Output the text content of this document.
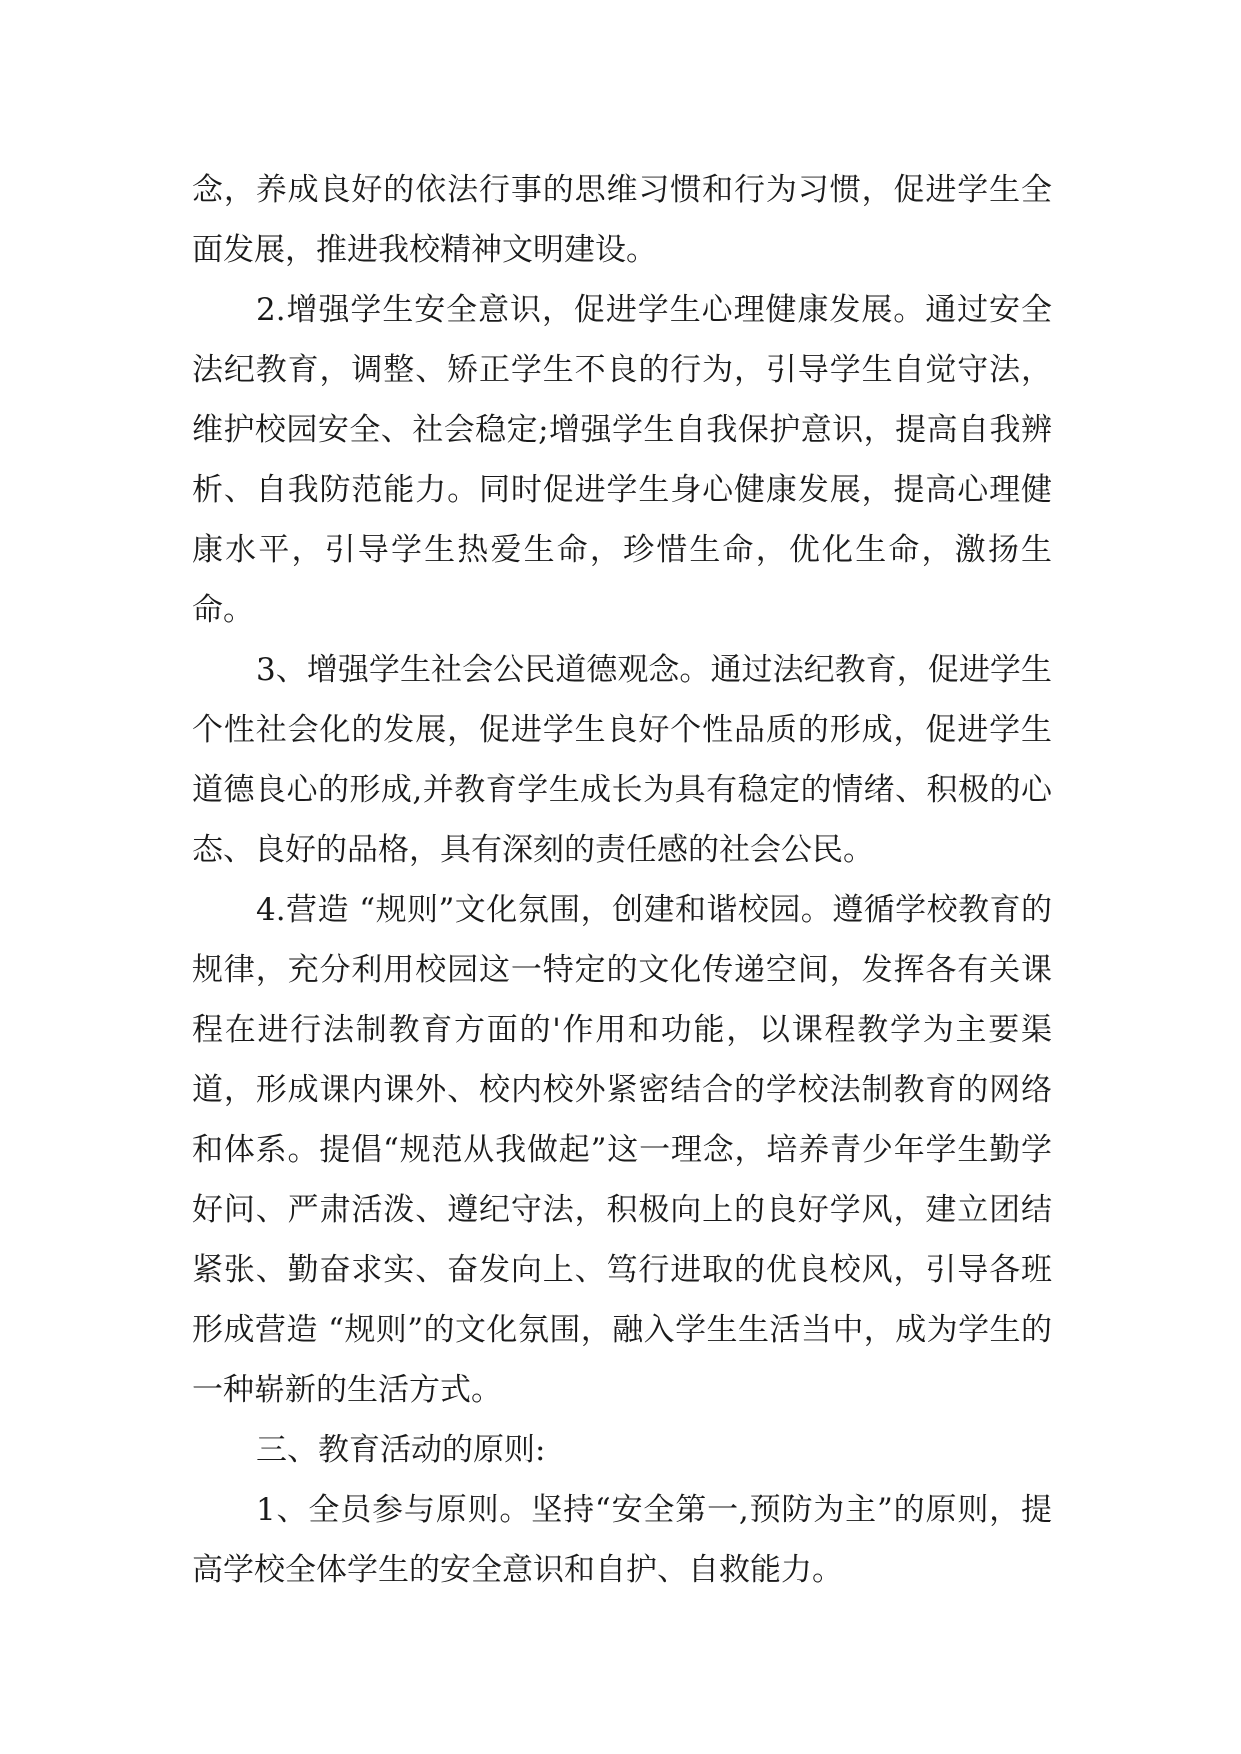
念，养成良好的依法行事的思维习惯和行为习惯，促进学生全面发展，推进我校精神文明建设。

2.增强学生安全意识，促进学生心理健康发展。通过安全法纪教育，调整、矫正学生不良的行为，引导学生自觉守法，维护校园安全、社会稳定;增强学生自我保护意识，提高自我辨析、自我防范能力。同时促进学生身心健康发展，提高心理健康水平，引导学生热爱生命，珍惜生命，优化生命，激扬生命。

3、增强学生社会公民道德观念。通过法纪教育，促进学生个性社会化的发展，促进学生良好个性品质的形成，促进学生道德良心的形成,并教育学生成长为具有稳定的情绪、积极的心态、良好的品格，具有深刻的责任感的社会公民。

4.营造 “规则”文化氛围，创建和谐校园。遵循学校教育的规律，充分利用校园这一特定的文化传递空间，发挥各有关课程在进行法制教育方面的'作用和功能，以课程教学为主要渠道，形成课内课外、校内校外紧密结合的学校法制教育的网络和体系。提倡“规范从我做起”这一理念，培养青少年学生勤学好问、严肃活泼、遵纪守法，积极向上的良好学风，建立团结紧张、勤奋求实、奋发向上、笃行进取的优良校风，引导各班形成营造 “规则”的文化氛围，融入学生生活当中，成为学生的一种崭新的生活方式。

三、教育活动的原则:

1、全员参与原则。坚持“安全第一,预防为主”的原则，提高学校全体学生的安全意识和自护、自救能力。
